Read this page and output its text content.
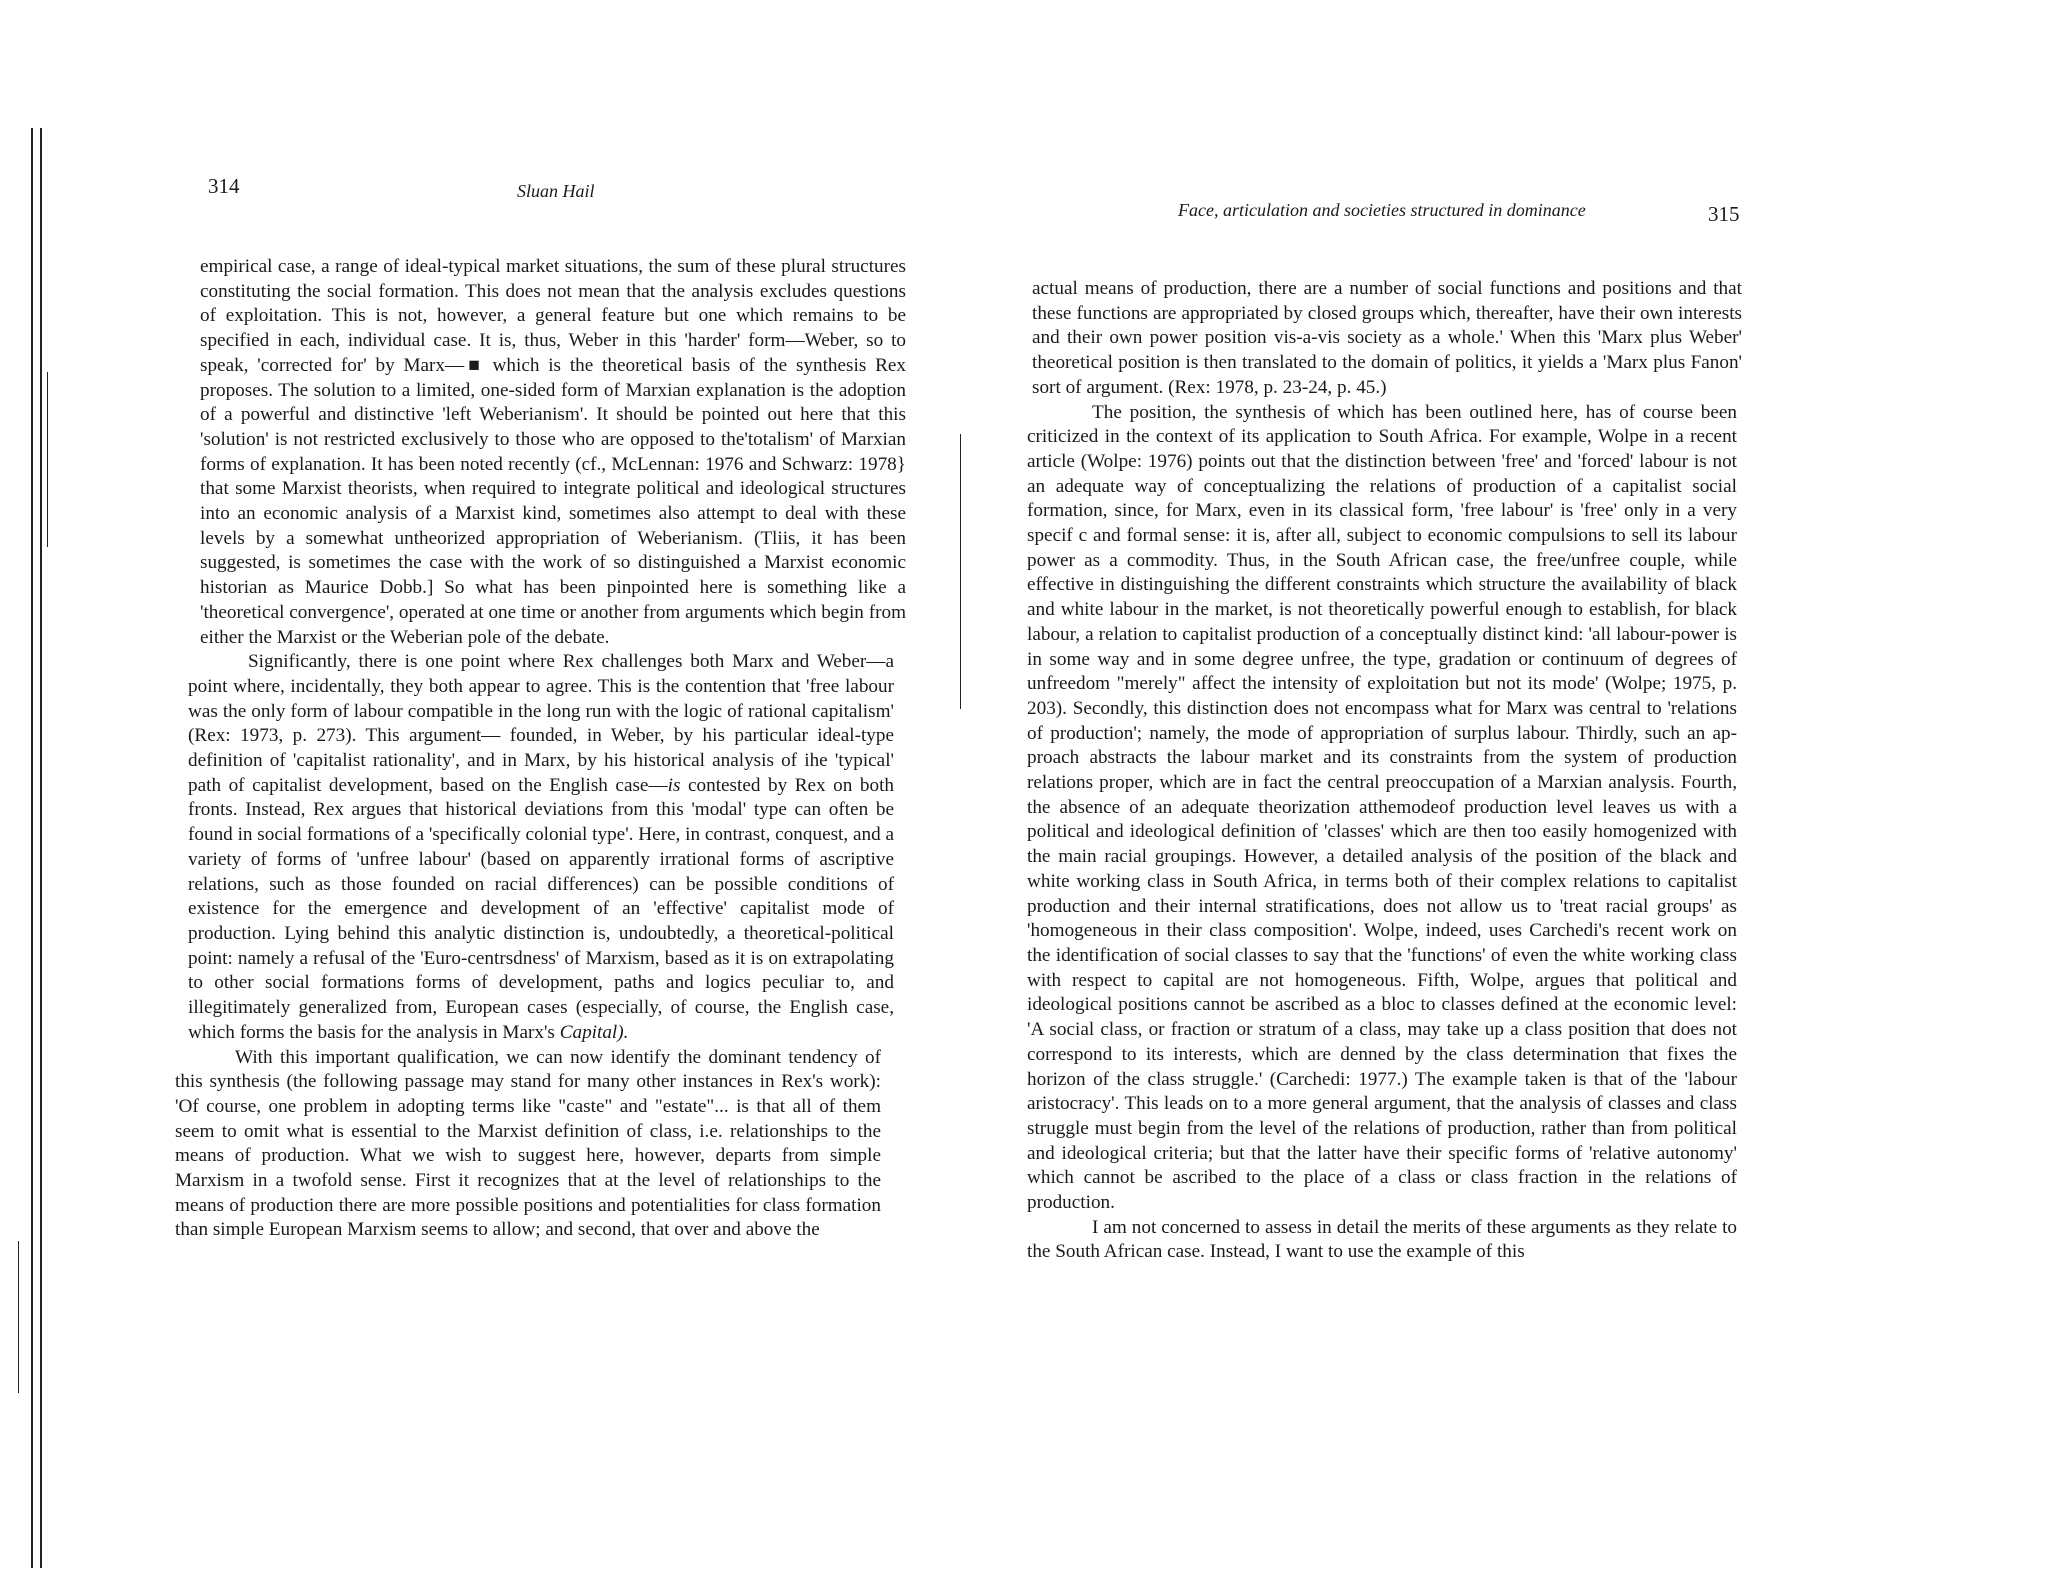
314	Sluan Hail

empirical case, a range of ideal-typical market situations, the sum of these plural structures constituting the social formation. This does not mean that the analysis excludes questions of exploitation. This is not, however, a general feature but one which remains to be specified in each, individual case. It is, thus, Weber in this 'harder' form—Weber, so to speak, 'corrected for' by Marx—■ which is the theoretical basis of the synthesis Rex proposes. The solution to a limited, one-sided form of Marxian explanation is the adoption of a powerful and distinctive 'left Weberianism'. It should be pointed out here that this 'solution' is not restricted exclusively to those who are opposed to the'totalism' of Marxian forms of explanation. It has been noted recently (cf., McLennan: 1976 and Schwarz: 1978} that some Marxist theorists, when required to integrate political and ideological structures into an economic analysis of a Marxist kind, sometimes also attempt to deal with these levels by a somewhat untheorized appropriation of Weberianism. (Tliis, it has been suggested, is sometimes the case with the work of so distinguished a Marxist economic historian as Maurice Dobb.] So what has been pinpointed here is something like a 'theoretical convergence', operated at one time or another from arguments which begin from either the Marxist or the Weberian pole of the debate.

Significantly, there is one point where Rex challenges both Marx and Weber—a point where, incidentally, they both appear to agree. This is the contention that 'free labour was the only form of labour compatible in the long run with the logic of rational capitalism' (Rex: 1973, p. 273). This argument— founded, in Weber, by his particular ideal-type definition of 'capitalist rationality', and in Marx, by his historical analysis of ihe 'typical' path of capitalist development, based on the English case—is contested by Rex on both fronts. Instead, Rex argues that historical deviations from this 'modal' type can often be found in social formations of a 'specifically colonial type'. Here, in contrast, conquest, and a variety of forms of 'unfree labour' (based on apparently irrational forms of ascriptive relations, such as those founded on racial differences) can be possible conditions of existence for the emergence and development of an 'effective' capitalist mode of production. Lying behind this analytic distinction is, undoubtedly, a theoretical-political point: namely a refusal of the 'Euro-centrsdness' of Marxism, based as it is on extrapolating to other social formations forms of development, paths and logics peculiar to, and illegitimately generalized from, European cases (especially, of course, the English case, which forms the basis for the analysis in Marx's Capital).

With this important qualification, we can now identify the dominant tendency of this synthesis (the following passage may stand for many other instances in Rex's work): 'Of course, one problem in adopting terms like "caste" and "estate"... is that all of them seem to omit what is essential to the Marxist definition of class, i.e. relationships to the means of production. What we wish to suggest here, however, departs from simple Marxism in a twofold sense. First it recognizes that at the level of relationships to the means of production there are more possible positions and potentialities for class formation than simple European Marxism seems to allow; and second, that over and above the

Face, articulation and societies structured in dominance	315

actual means of production, there are a number of social functions and positions and that these functions are appropriated by closed groups which, thereafter, have their own interests and their own power position vis-a-vis society as a whole.' When this 'Marx plus Weber' theoretical position is then translated to the domain of politics, it yields a 'Marx plus Fanon' sort of argument. (Rex: 1978, p. 23-24, p. 45.)

The position, the synthesis of which has been outlined here, has of course been criticized in the context of its application to South Africa. For example, Wolpe in a recent article (Wolpe: 1976) points out that the distinction between 'free' and 'forced' labour is not an adequate way of conceptualizing the relations of production of a capitalist social formation, since, for Marx, even in its classical form, 'free labour' is 'free' only in a very specif c and formal sense: it is, after all, subject to economic compulsions to sell its labour power as a commodity. Thus, in the South African case, the free/unfree couple, while effective in distinguishing the different constraints which structure the availability of black and white labour in the market, is not theoretically powerful enough to establish, for black labour, a relation to capitalist production of a conceptually distinct kind: 'all labour-power is in some way and in some degree unfree, the type, gradation or continuum of degrees of unfreedom "merely" affect the intensity of exploitation but not its mode' (Wolpe; 1975, p. 203). Secondly, this distinction does not encompass what for Marx was central to 'relations of production'; namely, the mode of appropriation of surplus labour. Thirdly, such an approach abstracts the labour market and its constraints from the system of production relations proper, which are in fact the central preoccupation of a Marxian analysis. Fourth, the absence of an adequate theorization atthemodeof production level leaves us with a political and ideological definition of 'classes' which are then too easily homogenized with the main racial groupings. However, a detailed analysis of the position of the black and white working class in South Africa, in terms both of their complex relations to capitalist production and their internal stratifications, does not allow us to 'treat racial groups' as 'homogeneous in their class composition'. Wolpe, indeed, uses Carchedi's recent work on the identification of social classes to say that the 'functions' of even the white working class with respect to capital are not homogeneous. Fifth, Wolpe, argues that political and ideological positions cannot be ascribed as a bloc to classes defined at the economic level: 'A social class, or fraction or stratum of a class, may take up a class position that does not correspond to its interests, which are denned by the class determination that fixes the horizon of the class struggle.' (Carchedi: 1977.) The example taken is that of the 'labour aristocracy'. This leads on to a more general argument, that the analysis of classes and class struggle must begin from the level of the relations of production, rather than from political and ideological criteria; but that the latter have their specific forms of 'relative autonomy' which cannot be ascribed to the place of a class or class fraction in the relations of production.

I am not concerned to assess in detail the merits of these arguments as they relate to the South African case. Instead, I want to use the example of this
